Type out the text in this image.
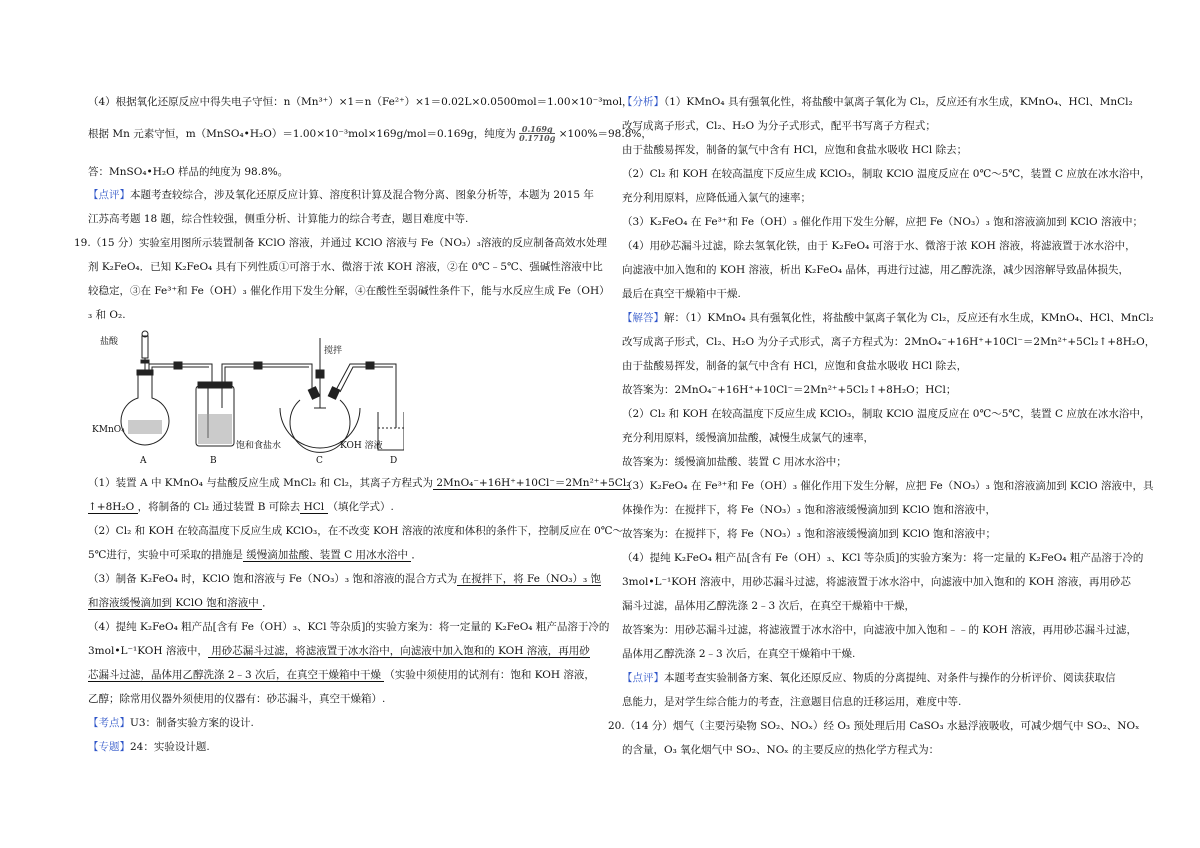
（4）根据氧化还原反应中得失电子守恒：n（Mn³⁺）×1＝n（Fe²⁺）×1＝0.02L×0.0500mol＝1.00×10⁻³mol，
根据 Mn 元素守恒，m（MnSO₄•H₂O）＝1.00×10⁻³mol×169g/mol＝0.169g，纯度为 $\frac{0.169g}{0.1710g} \times 100\%=98.8\%$，
答：MnSO₄•H₂O 样品的纯度为 98.8%。
【点评】本题考查较综合，涉及氧化还原反应计算、溶度积计算及混合物分离、图象分析等，本题为 2015 年
江苏高考题 18 题，综合性较强，侧重分析、计算能力的综合考查，题目难度中等.
19.（15 分）实验室用图所示装置制备 KClO 溶液，并通过 KClO 溶液与 Fe（NO₃）₃溶液的反应制备高效水处理
剂 K₂FeO₄．已知 K₂FeO₄ 具有下列性质①可溶于水、微溶于浓 KOH 溶液，②在 0℃﹣5℃、强碱性溶液中比
较稳定，③在 Fe³⁺和 Fe（OH）₃ 催化作用下发生分解，④在酸性至弱碱性条件下，能与水反应生成 Fe（OH）
₃ 和 O₂.
盐酸
搅拌
KMnO₄
饱和食盐水	KOH 溶液
A	B	C	D
（1）装置 A 中 KMnO₄ 与盐酸反应生成 MnCl₂ 和 Cl₂，其离子方程式为 2MnO₄⁻+16H⁺+10Cl⁻＝2Mn²⁺+5Cl₂
↑+8H₂O ，将制备的 Cl₂ 通过装置 B 可除去 HCl （填化学式）.
（2）Cl₂ 和 KOH 在较高温度下反应生成 KClO₃，在不改变 KOH 溶液的浓度和体积的条件下，控制反应在 0℃～
5℃进行，实验中可采取的措施是 缓慢滴加盐酸、装置 C 用冰水浴中 ．
（3）制备 K₂FeO₄ 时，KClO 饱和溶液与 Fe（NO₃）₃ 饱和溶液的混合方式为 在搅拌下，将 Fe（NO₃）₃ 饱
和溶液缓慢滴加到 KClO 饱和溶液中 ．
（4）提纯 K₂FeO₄ 粗产品[含有 Fe（OH）₃、KCl 等杂质]的实验方案为：将一定量的 K₂FeO₄ 粗产品溶于冷的
3mol•L⁻¹KOH 溶液中， 用砂芯漏斗过滤，将滤液置于冰水浴中，向滤液中加入饱和的 KOH 溶液，再用砂
芯漏斗过滤，晶体用乙醇洗涤 2﹣3 次后，在真空干燥箱中干燥 （实验中须使用的试剂有：饱和 KOH 溶液，
乙醇；除常用仪器外须使用的仪器有：砂芯漏斗，真空干燥箱）.
【考点】U3：制备实验方案的设计.
【专题】24：实验设计题.
【分析】（1）KMnO₄ 具有强氧化性，将盐酸中氯离子氧化为 Cl₂，反应还有水生成，KMnO₄、HCl、MnCl₂
改写成离子形式，Cl₂、H₂O 为分子式形式，配平书写离子方程式；
由于盐酸易挥发，制备的氯气中含有 HCl，应饱和食盐水吸收 HCl 除去；
（2）Cl₂ 和 KOH 在较高温度下反应生成 KClO₃，制取 KClO 温度反应在 0℃～5℃，装置 C 应放在冰水浴中，
充分利用原料，应降低通入氯气的速率；
（3）K₂FeO₄ 在 Fe³⁺和 Fe（OH）₃ 催化作用下发生分解，应把 Fe（NO₃）₃ 饱和溶液滴加到 KClO 溶液中；
（4）用砂芯漏斗过滤，除去氢氧化铁，由于 K₂FeO₄ 可溶于水、微溶于浓 KOH 溶液，将滤液置于冰水浴中，
向滤液中加入饱和的 KOH 溶液，析出 K₂FeO₄ 晶体，再进行过滤，用乙醇洗涤，减少因溶解导致晶体损失，
最后在真空干燥箱中干燥.
【解答】解：（1）KMnO₄ 具有强氧化性，将盐酸中氯离子氧化为 Cl₂，反应还有水生成，KMnO₄、HCl、MnCl₂
改写成离子形式，Cl₂、H₂O 为分子式形式，离子方程式为：2MnO₄⁻+16H⁺+10Cl⁻＝2Mn²⁺+5Cl₂↑+8H₂O，
由于盐酸易挥发，制备的氯气中含有 HCl，应饱和食盐水吸收 HCl 除去，
故答案为：2MnO₄⁻+16H⁺+10Cl⁻＝2Mn²⁺+5Cl₂↑+8H₂O；HCl；
（2）Cl₂ 和 KOH 在较高温度下反应生成 KClO₃，制取 KClO 温度反应在 0℃～5℃，装置 C 应放在冰水浴中，
充分利用原料，缓慢滴加盐酸，减慢生成氯气的速率，
故答案为：缓慢滴加盐酸、装置 C 用冰水浴中；
（3）K₂FeO₄ 在 Fe³⁺和 Fe（OH）₃ 催化作用下发生分解，应把 Fe（NO₃）₃ 饱和溶液滴加到 KClO 溶液中，具
体操作为：在搅拌下，将 Fe（NO₃）₃ 饱和溶液缓慢滴加到 KClO 饱和溶液中，
故答案为：在搅拌下，将 Fe（NO₃）₃ 饱和溶液缓慢滴加到 KClO 饱和溶液中；
（4）提纯 K₂FeO₄ 粗产品[含有 Fe（OH）₃、KCl 等杂质]的实验方案为：将一定量的 K₂FeO₄ 粗产品溶于冷的
3mol•L⁻¹KOH 溶液中，用砂芯漏斗过滤，将滤液置于冰水浴中，向滤液中加入饱和的 KOH 溶液，再用砂芯
漏斗过滤，晶体用乙醇洗涤 2﹣3 次后，在真空干燥箱中干燥，
故答案为：用砂芯漏斗过滤，将滤液置于冰水浴中，向滤液中加入饱和﹣﹣的 KOH 溶液，再用砂芯漏斗过滤，
晶体用乙醇洗涤 2﹣3 次后，在真空干燥箱中干燥.
【点评】本题考查实验制备方案、氧化还原反应、物质的分离提纯、对条件与操作的分析评价、阅读获取信
息能力，是对学生综合能力的考查，注意题目信息的迁移运用，难度中等.
20.（14 分）烟气（主要污染物 SO₂、NOₓ）经 O₃ 预处理后用 CaSO₃ 水悬浮液吸收，可减少烟气中 SO₂、NOₓ
的含量，O₃ 氧化烟气中 SO₂、NOₓ 的主要反应的热化学方程式为：
